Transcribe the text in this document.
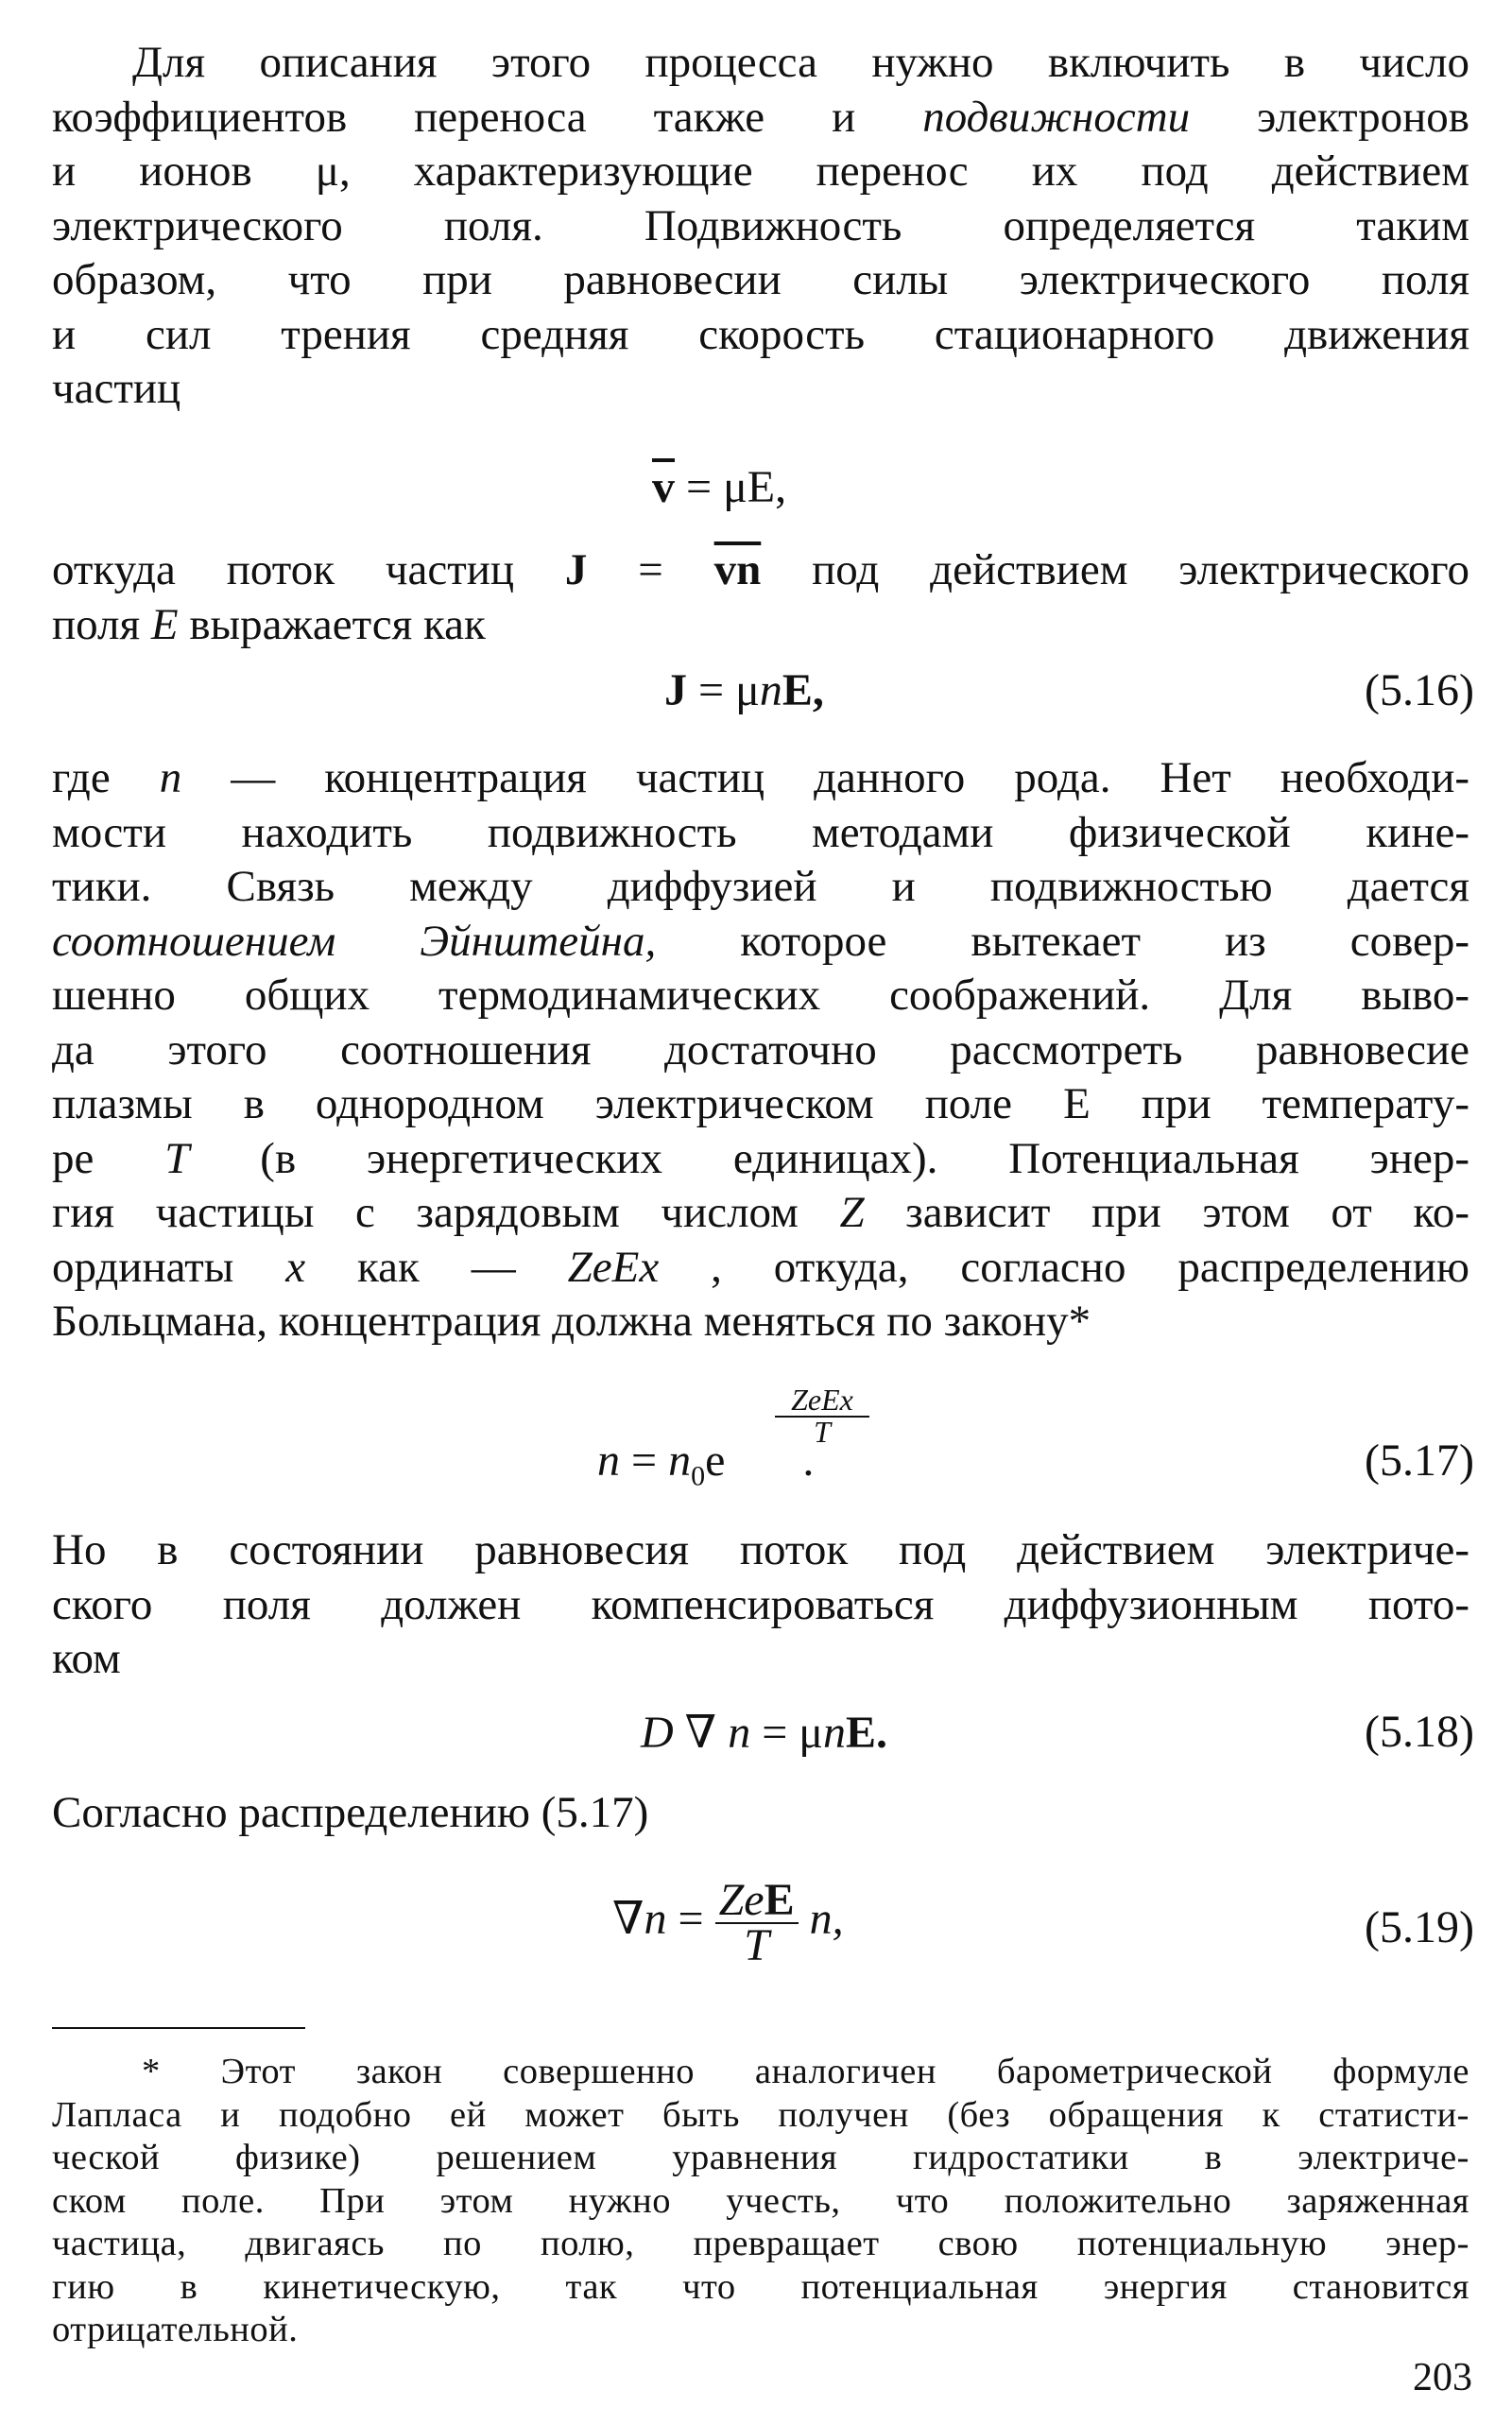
Для описания этого процесса нужно включить в число
коэффициентов переноса также и подвижности электронов
и ионов μ, характеризующие перенос их под действием
электрического поля. Подвижность определяется таким
образом, что при равновесии силы электрического поля
и сил трения средняя скорость стационарного движения
частиц
$\overline{v} = \mu E$,
откуда поток частиц $J = \overline{vn}$ под действием электрического
поля E выражается как
J = μnE,	(5.16)
где n — концентрация частиц данного рода. Нет необходи-
мости находить подвижность методами физической кине-
тики. Связь между диффузией и подвижностью дается
соотношением Эйнштейна, которое вытекает из совер-
шенно общих термодинамических соображений. Для выво-
да этого соотношения достаточно рассмотреть равновесие
плазмы в однородном электрическом поле E при температу-
ре T (в энергетических единицах). Потенциальная энер-
гия частицы с зарядовым числом Z зависит при этом от ко-
ординаты x как — ZeEx , откуда, согласно распределению
Больцмана, концентрация должна меняться по закону*
$n = n_0e$ .
ZeEx
T
(5.17)
Но в состоянии равновесия поток под действием электриче-
ского поля должен компенсироваться диффузионным пото-
ком
D ∇ n = μnE.	(5.18)
Согласно распределению (5.17)
$\nabla n = \frac{\text{ZeE}}{T} n$,	(5.19)
* Этот закон совершенно аналогичен барометрической формуле
Лапласа и подобно ей может быть получен (без обращения к статисти-
ческой физике) решением уравнения гидростатики в электриче-
ском поле. При этом нужно учесть, что положительно заряженная
частица, двигаясь по полю, превращает свою потенциальную энер-
гию в кинетическую, так что потенциальная энергия становится
отрицательной.
203
